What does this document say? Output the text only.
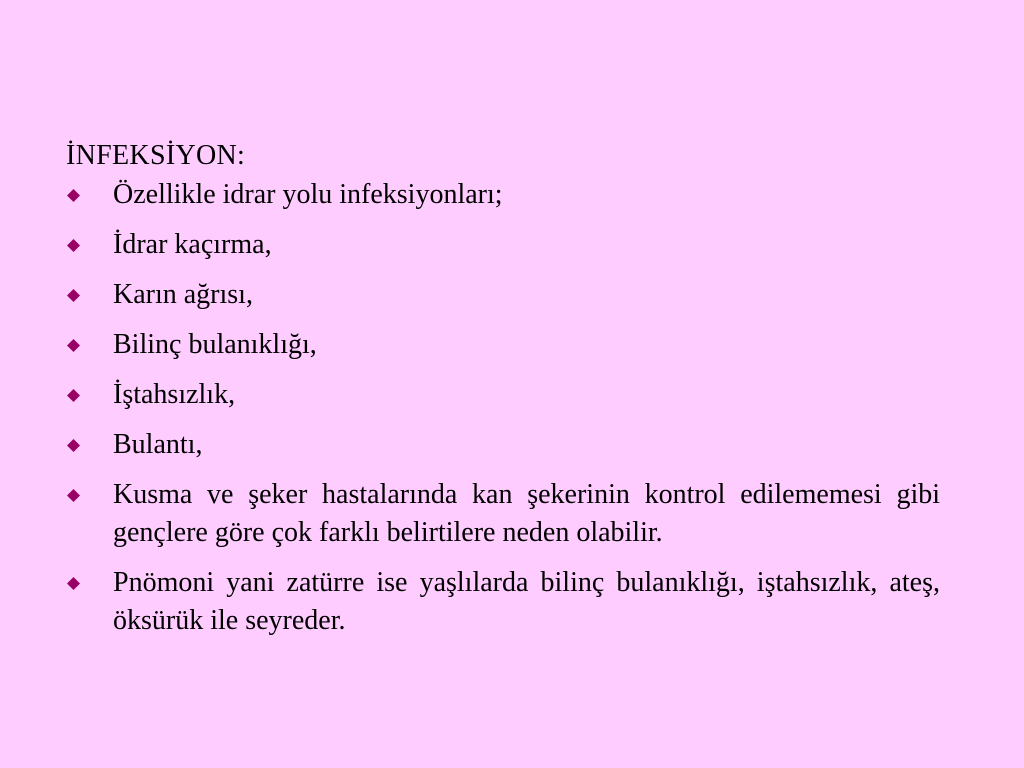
İNFEKSİYON:
Özellikle idrar yolu infeksiyonları;
İdrar kaçırma,
Karın ağrısı,
Bilinç bulanıklığı,
İştahsızlık,
Bulantı,
Kusma ve şeker hastalarında kan şekerinin kontrol edilememesi gibi gençlere göre çok farklı belirtilere neden olabilir.
Pnömoni yani zatürre ise yaşlılarda bilinç bulanıklığı, iştahsızlık, ateş, öksürük ile seyreder.
